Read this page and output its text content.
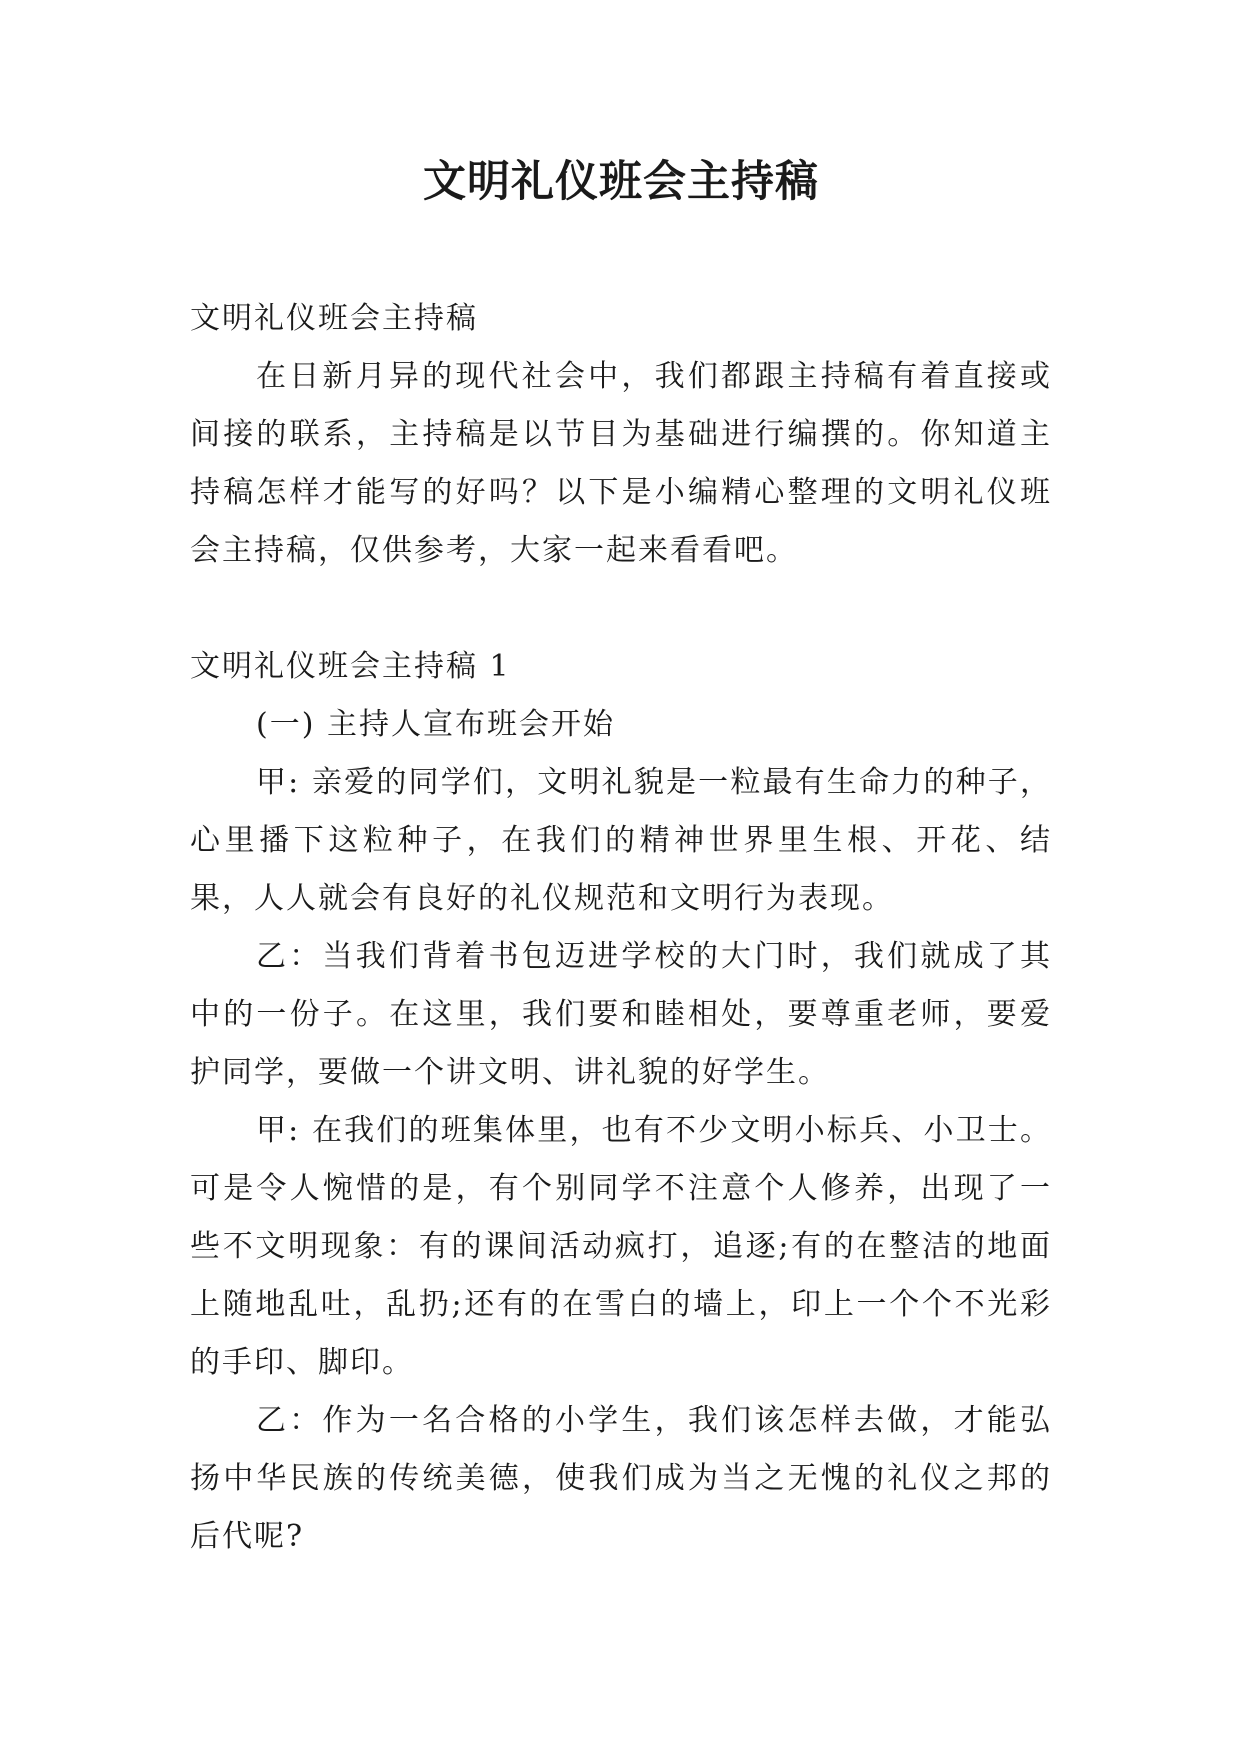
文明礼仪班会主持稿

文明礼仪班会主持稿

在日新月异的现代社会中，我们都跟主持稿有着直接或间接的联系，主持稿是以节目为基础进行编撰的。你知道主持稿怎样才能写的好吗？以下是小编精心整理的文明礼仪班会主持稿，仅供参考，大家一起来看看吧。

文明礼仪班会主持稿 1

(一) 主持人宣布班会开始

甲: 亲爱的同学们，文明礼貌是一粒最有生命力的种子，心里播下这粒种子，在我们的精神世界里生根、开花、结果，人人就会有良好的礼仪规范和文明行为表现。

乙：当我们背着书包迈进学校的大门时，我们就成了其中的一份子。在这里，我们要和睦相处，要尊重老师，要爱护同学，要做一个讲文明、讲礼貌的好学生。

甲: 在我们的班集体里，也有不少文明小标兵、小卫士。可是令人惋惜的是，有个别同学不注意个人修养，出现了一些不文明现象：有的课间活动疯打，追逐;有的在整洁的地面上随地乱吐，乱扔;还有的在雪白的墙上，印上一个个不光彩的手印、脚印。

乙：作为一名合格的小学生，我们该怎样去做，才能弘扬中华民族的传统美德，使我们成为当之无愧的礼仪之邦的后代呢?
